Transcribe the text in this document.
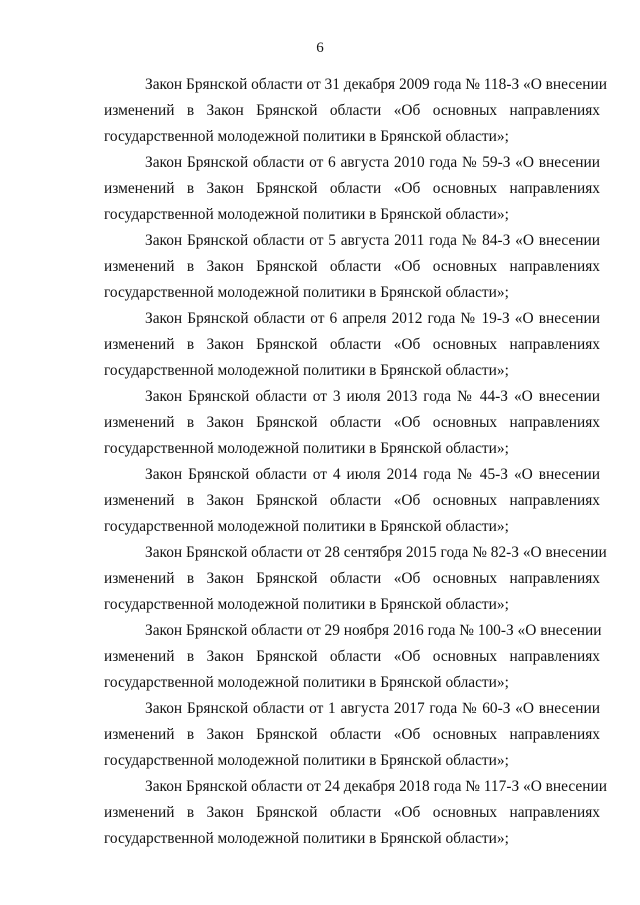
6

Закон Брянской области от 31 декабря 2009 года № 118-З «О внесении
изменений в Закон Брянской области «Об основных направлениях
государственной молодежной политики в Брянской области»;

Закон Брянской области от 6 августа 2010 года № 59-З «О внесении
изменений в Закон Брянской области «Об основных направлениях
государственной молодежной политики в Брянской области»;

Закон Брянской области от 5 августа 2011 года № 84-З «О внесении
изменений в Закон Брянской области «Об основных направлениях
государственной молодежной политики в Брянской области»;

Закон Брянской области от 6 апреля 2012 года № 19-З «О внесении
изменений в Закон Брянской области «Об основных направлениях
государственной молодежной политики в Брянской области»;

Закон Брянской области от 3 июля 2013 года № 44-З «О внесении
изменений в Закон Брянской области «Об основных направлениях
государственной молодежной политики в Брянской области»;

Закон Брянской области от 4 июля 2014 года № 45-З «О внесении
изменений в Закон Брянской области «Об основных направлениях
государственной молодежной политики в Брянской области»;

Закон Брянской области от 28 сентября 2015 года № 82-З «О внесении
изменений в Закон Брянской области «Об основных направлениях
государственной молодежной политики в Брянской области»;

Закон Брянской области от 29 ноября 2016 года № 100-З «О внесении
изменений в Закон Брянской области «Об основных направлениях
государственной молодежной политики в Брянской области»;

Закон Брянской области от 1 августа 2017 года № 60-З «О внесении
изменений в Закон Брянской области «Об основных направлениях
государственной молодежной политики в Брянской области»;

Закон Брянской области от 24 декабря 2018 года № 117-З «О внесении
изменений в Закон Брянской области «Об основных направлениях
государственной молодежной политики в Брянской области»;
